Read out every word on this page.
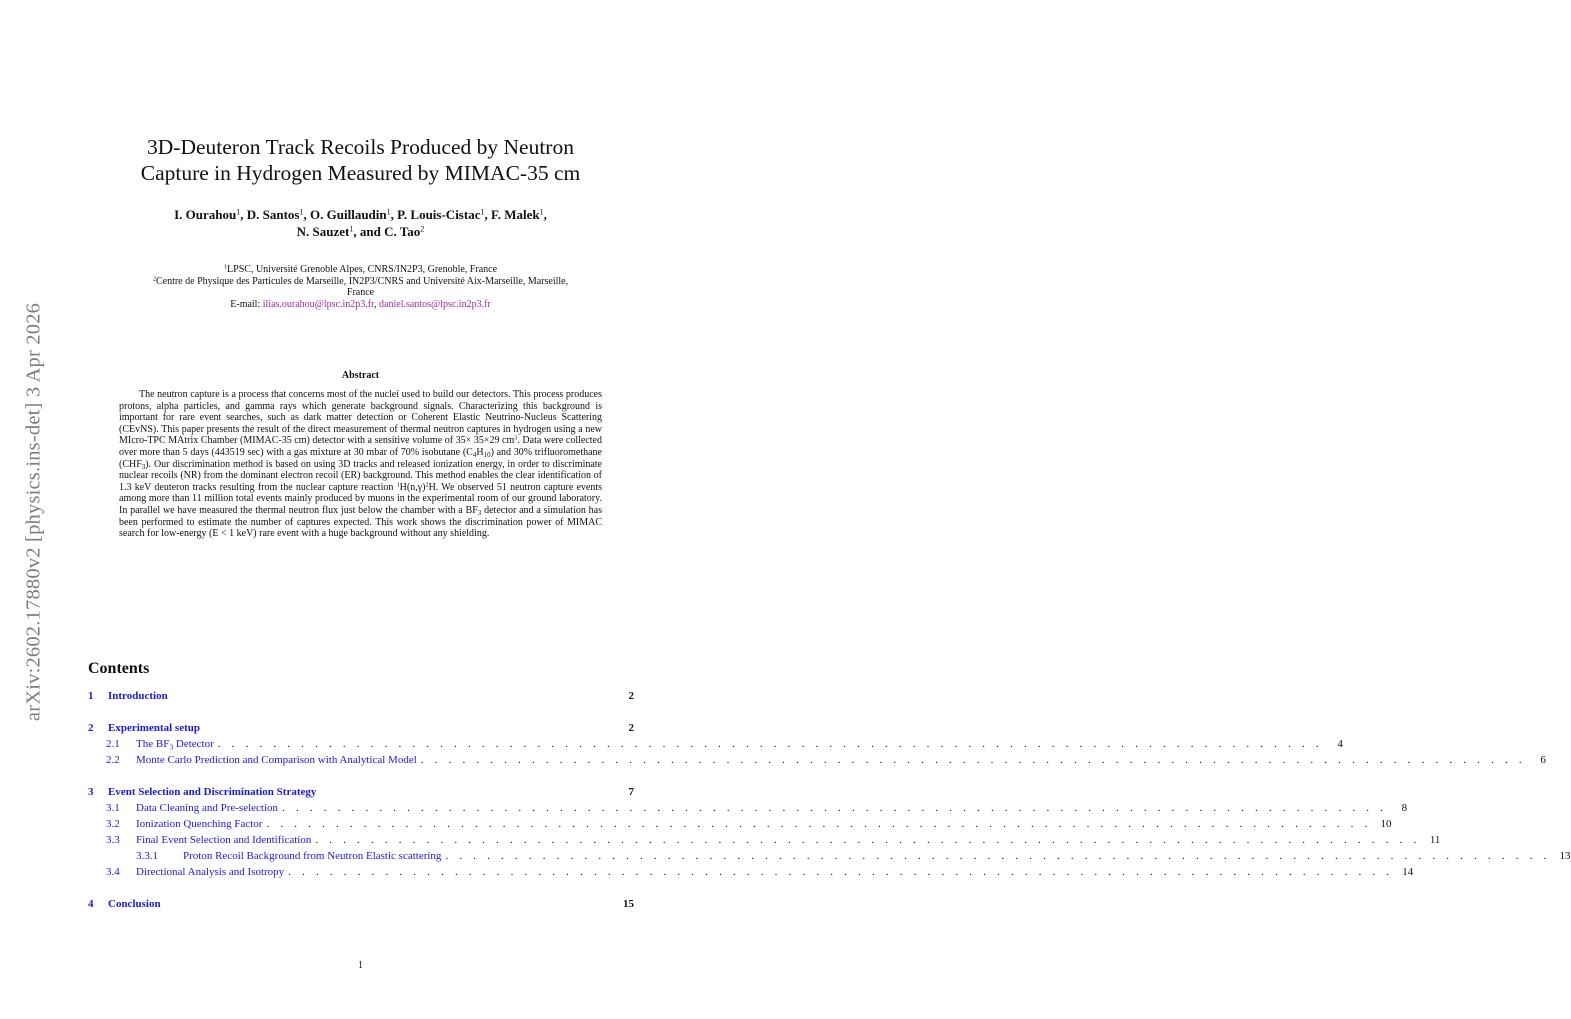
arXiv:2602.17880v2 [physics.ins-det] 3 Apr 2026
3D-Deuteron Track Recoils Produced by Neutron
Capture in Hydrogen Measured by MIMAC-35 cm
I. Ourahou$^1$, D. Santos$^1$, O. Guillaudin$^1$, P. Louis-Cistac$^1$, F. Malek$^1$,
N. Sauzet$^1$, and C. Tao$^2$
$^1$LPSC, Université Grenoble Alpes, CNRS/IN2P3, Grenoble, France
$^2$Centre de Physique des Particules de Marseille, IN2P3/CNRS and Université Aix-Marseille, Marseille,
France
E-mail: ilias.ourahou@lpsc.in2p3.fr, daniel.santos@lpsc.in2p3.fr
Abstract

The neutron capture is a process that concerns most of the nuclei used to build our detectors. This process produces protons, alpha particles, and gamma rays which generate background signals. Characterizing this background is important for rare event searches, such as dark matter detection or Coherent Elastic Neutrino-Nucleus Scattering (CEvNS). This paper presents the result of the direct measurement of thermal neutron captures in hydrogen using a new MIcro-TPC MAtrix Chamber (MIMAC-35 cm) detector with a sensitive volume of 35× 35×29 $cm^3$. Data were collected over more than 5 days (443519 sec) with a gas mixture at 30 mbar of 70% isobutane $(C_4H_{10})$ and 30% trifluoromethane $(CHF_3)$. Our discrimination method is based on using 3D tracks and released ionization energy, in order to discriminate nuclear recoils (NR) from the dominant electron recoil (ER) background. This method enables the clear identification of 1.3 keV deuteron tracks resulting from the nuclear capture reaction $^1H(n,\gamma)^2H$. We observed 51 neutron capture events among more than 11 million total events mainly produced by muons in the experimental room of our ground laboratory. In parallel we have measured the thermal neutron flux just below the chamber with a $BF_3$ detector and a simulation has been performed to estimate the number of captures expected. This work shows the discrimination power of MIMAC search for low-energy (E < 1 keV) rare event with a huge background without any shielding.

Contents
1	Introduction	2
2	Experimental setup	2
2.1	The $BF_3$ Detector . . . . . . . . . . . . . . . . . . . . . . . . . . . . . . . . . . . . . . . . . . . . . . . . . . . . . . . . . . . . . . . . . . . . . . . . . . . . . . . .	4
2.2	Monte Carlo Prediction and Comparison with Analytical Model . . . . . . . . . . . . . . . . . . . . . . . . . . . . . . . . . . . . . . . . . . . . . . . . . . . . . . . . . . . . . . . . . . . . . . . . . . . . . . . .	6
3	Event Selection and Discrimination Strategy	7
3.1	Data Cleaning and Pre-selection . . . . . . . . . . . . . . . . . . . . . . . . . . . . . . . . . . . . . . . . . . . . . . . . . . . . . . . . . . . . . . . . . . . . . . . . . . . . . . . .	8
3.2	Ionization Quenching Factor . . . . . . . . . . . . . . . . . . . . . . . . . . . . . . . . . . . . . . . . . . . . . . . . . . . . . . . . . . . . . . . . . . . . . . . . . . . . . . . . 10
3.3	Final Event Selection and Identification . . . . . . . . . . . . . . . . . . . . . . . . . . . . . . . . . . . . . . . . . . . . . . . . . . . . . . . . . . . . . . . . . . . . . . . . . . . . . . . . 11
3.3.1	Proton Recoil Background from Neutron Elastic scattering . . . . . . . . . . . . . . . . . . . . . . . . . . . . . . . . . . . . . . . . . . . . . . . . . . . . . . . . . . . . . . . . . . . . . . . . . . . . . . . . 13
3.4	Directional Analysis and Isotropy . . . . . . . . . . . . . . . . . . . . . . . . . . . . . . . . . . . . . . . . . . . . . . . . . . . . . . . . . . . . . . . . . . . . . . . . . . . . . . . . 14
4	Conclusion	15
1
